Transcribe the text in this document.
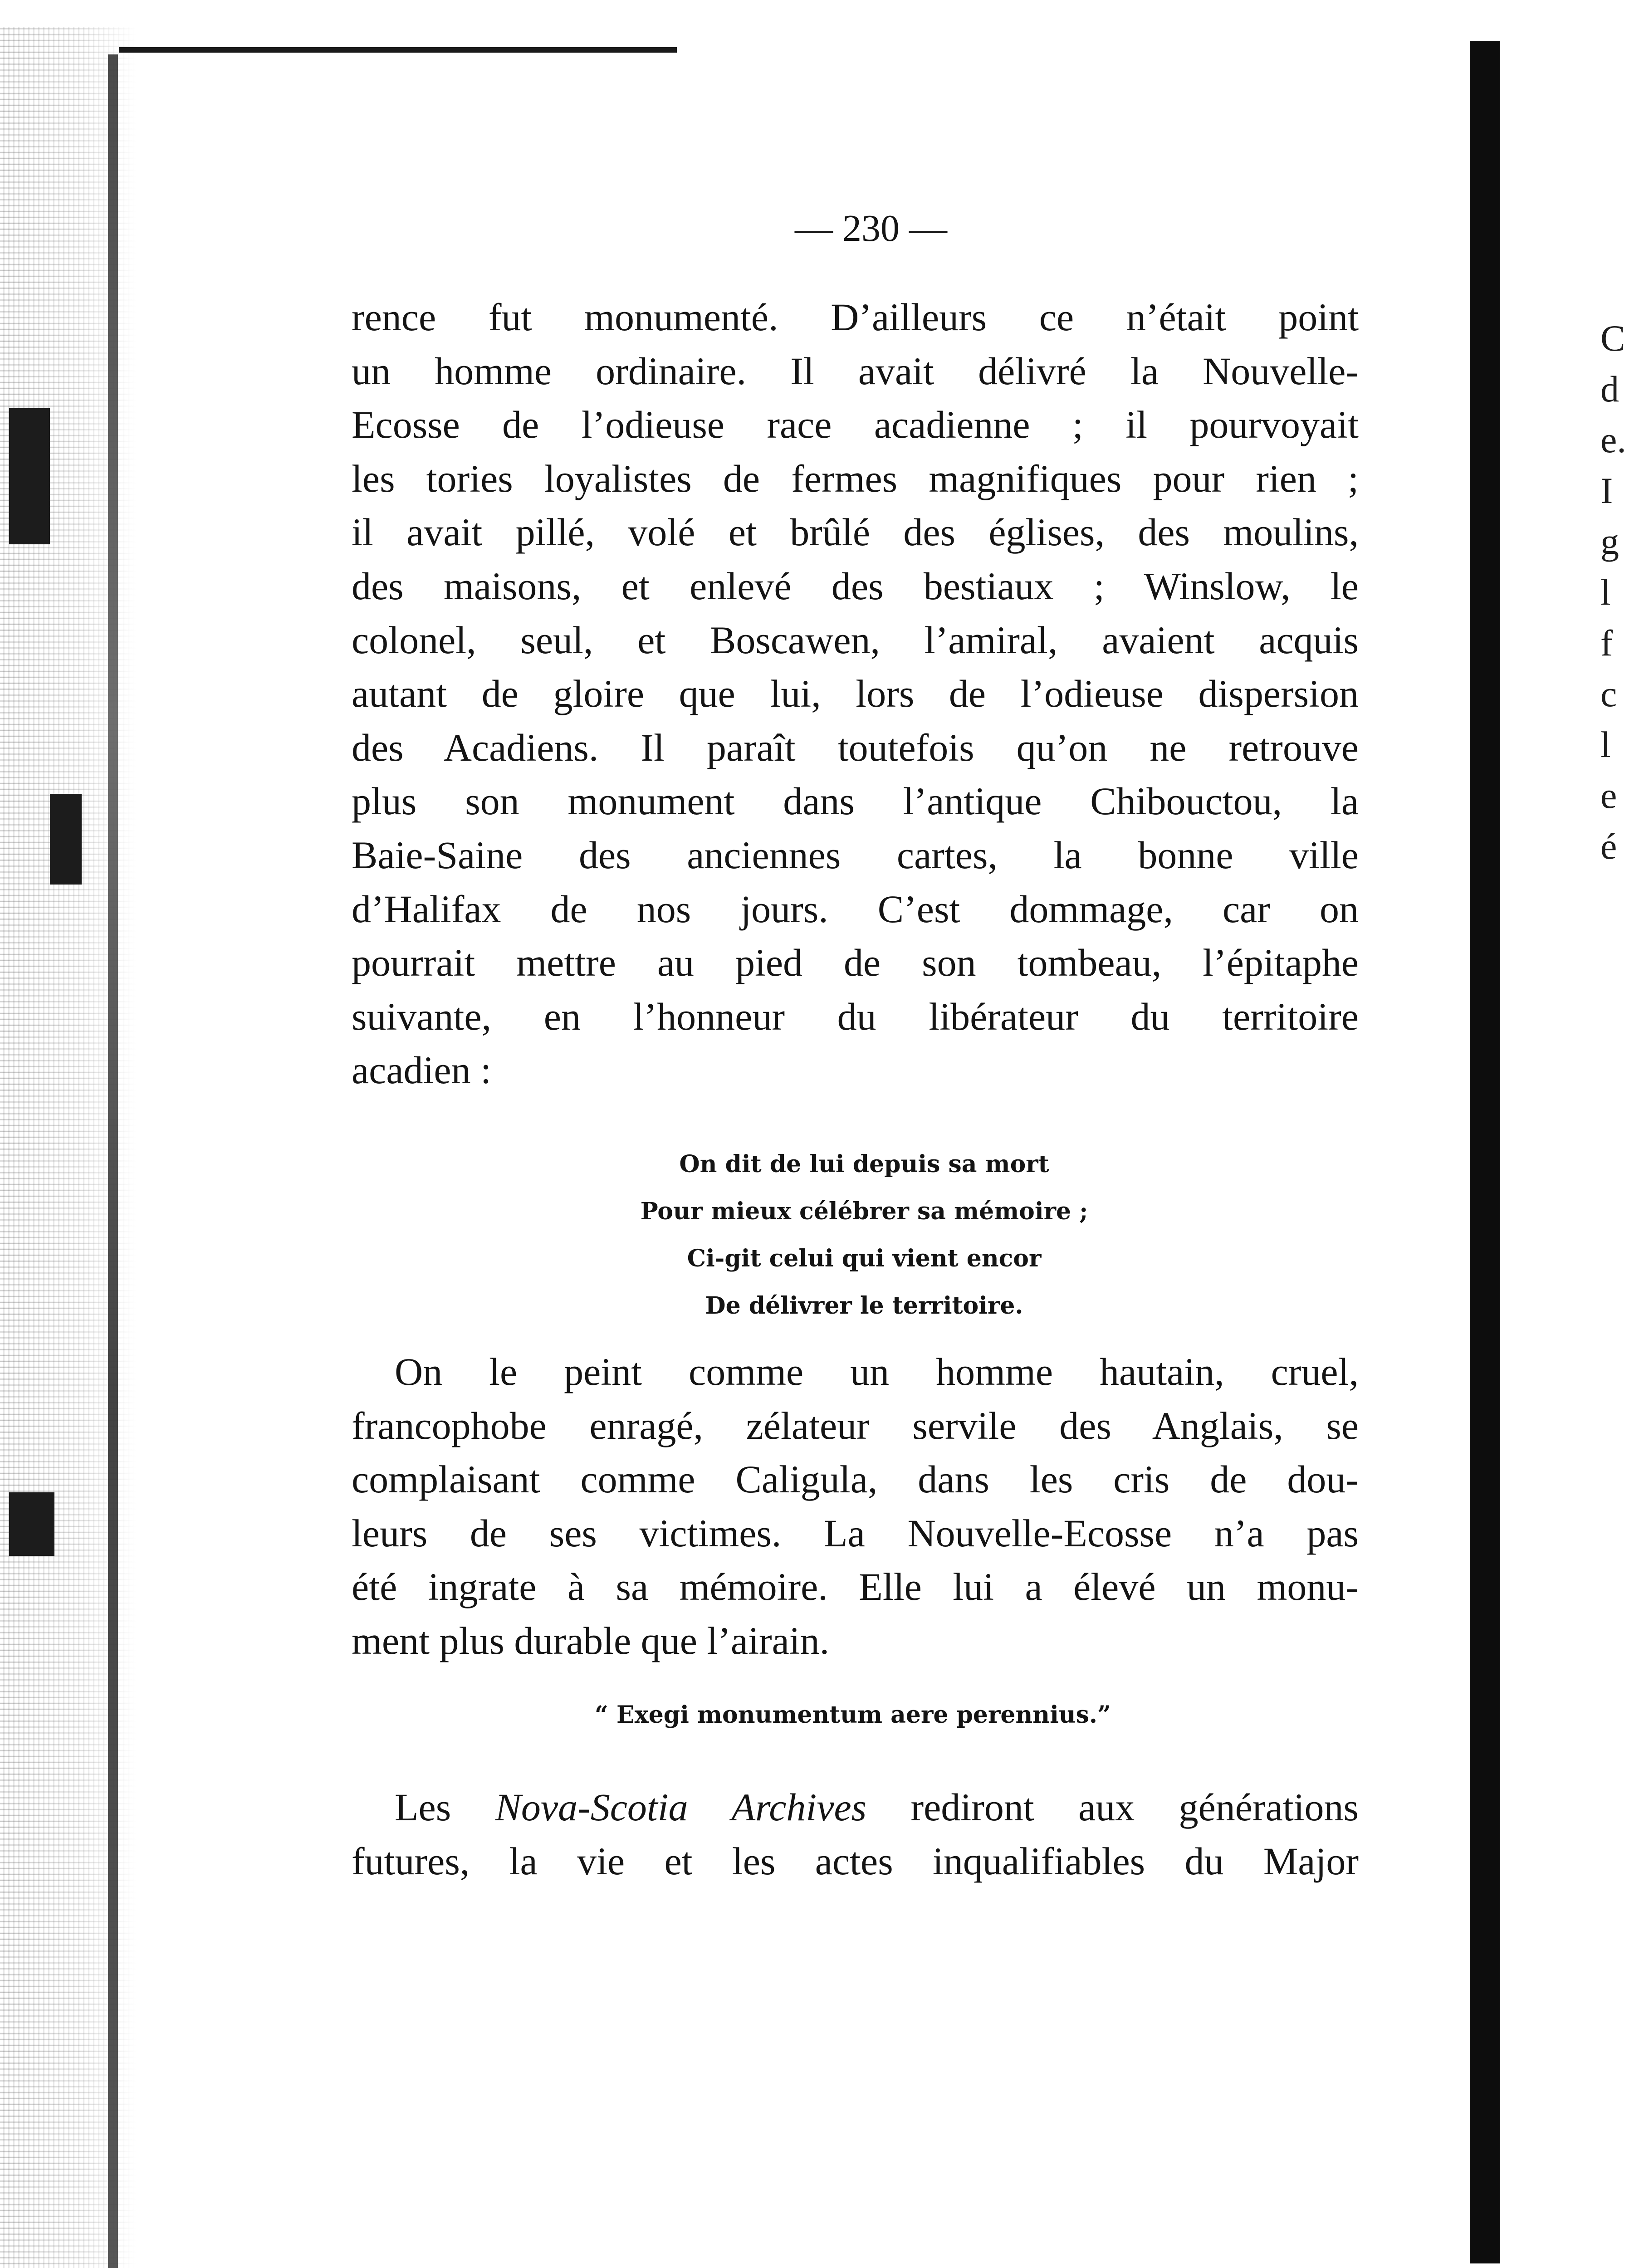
C
d
e.
I
g
l
f
c
l
e
é
— 230 —
rence fut monumenté. D’ailleurs ce n’était point
un homme ordinaire. Il avait délivré la Nouvelle-
Ecosse de l’odieuse race acadienne ; il pourvoyait
les tories loyalistes de fermes magnifiques pour rien ;
il avait pillé, volé et brûlé des églises, des moulins,
des maisons, et enlevé des bestiaux ; Winslow, le
colonel, seul, et Boscawen, l’amiral, avaient acquis
autant de gloire que lui, lors de l’odieuse dispersion
des Acadiens. Il paraît toutefois qu’on ne retrouve
plus son monument dans l’antique Chibouctou, la
Baie-Saine des anciennes cartes, la bonne ville
d’Halifax de nos jours. C’est dommage, car on
pourrait mettre au pied de son tombeau, l’épitaphe
suivante, en l’honneur du libérateur du territoire
acadien :
On dit de lui depuis sa mort
Pour mieux célébrer sa mémoire ;
Ci-git celui qui vient encor
De délivrer le territoire.
On le peint comme un homme hautain, cruel,
francophobe enragé, zélateur servile des Anglais, se
complaisant comme Caligula, dans les cris de dou-
leurs de ses victimes. La Nouvelle-Ecosse n’a pas
été ingrate à sa mémoire. Elle lui a élevé un monu-
ment plus durable que l’airain.
“ Exegi monumentum aere perennius.”
Les Nova-Scotia Archives rediront aux générations
futures, la vie et les actes inqualifiables du Major
